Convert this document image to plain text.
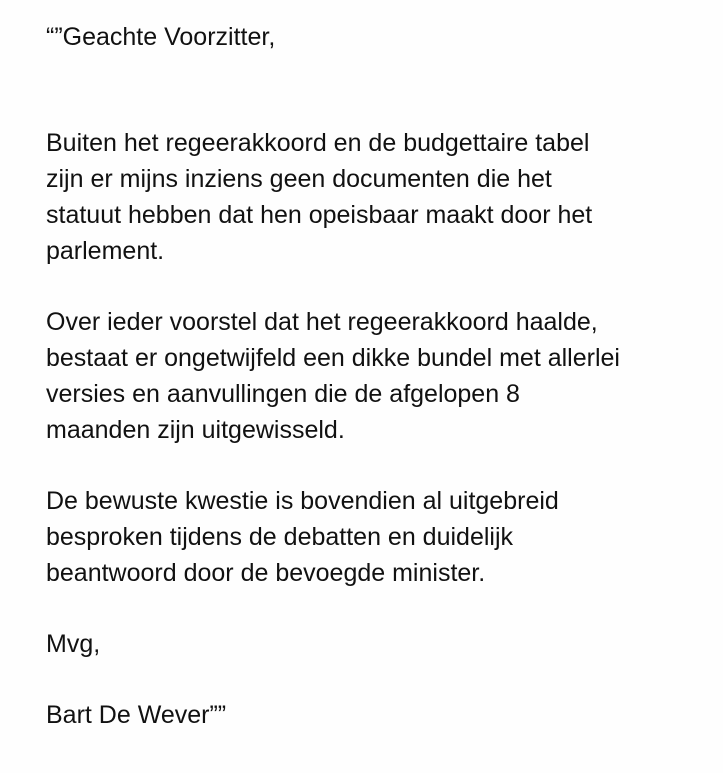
“”Geachte Voorzitter,
Buiten het regeerakkoord en de budgettaire tabel
zijn er mijns inziens geen documenten die het
statuut hebben dat hen opeisbaar maakt door het
parlement.
Over ieder voorstel dat het regeerakkoord haalde,
bestaat er ongetwijfeld een dikke bundel met allerlei
versies en aanvullingen die de afgelopen 8
maanden zijn uitgewisseld.
De bewuste kwestie is bovendien al uitgebreid
besproken tijdens de debatten en duidelijk
beantwoord door de bevoegde minister.
Mvg,
Bart De Wever””
